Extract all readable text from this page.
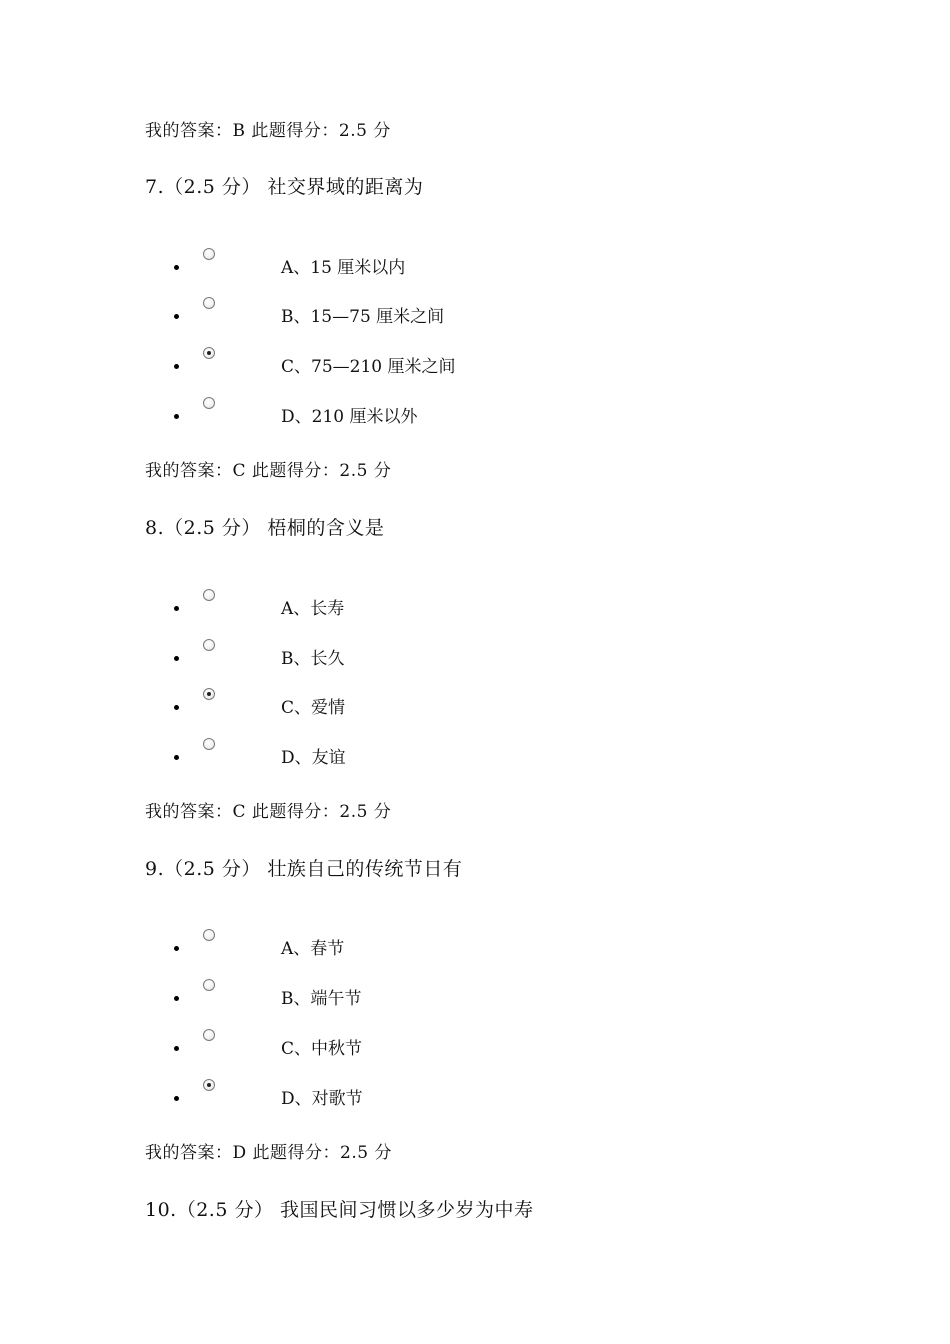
我的答案：B 此题得分：2.5 分
7.（2.5 分） 社交界域的距离为
A、15 厘米以内
B、15—75 厘米之间
C、75—210 厘米之间
D、210 厘米以外
我的答案：C 此题得分：2.5 分
8.（2.5 分） 梧桐的含义是
A、长寿
B、长久
C、爱情
D、友谊
我的答案：C 此题得分：2.5 分
9.（2.5 分） 壮族自己的传统节日有
A、春节
B、端午节
C、中秋节
D、对歌节
我的答案：D 此题得分：2.5 分
10.（2.5 分） 我国民间习惯以多少岁为中寿
